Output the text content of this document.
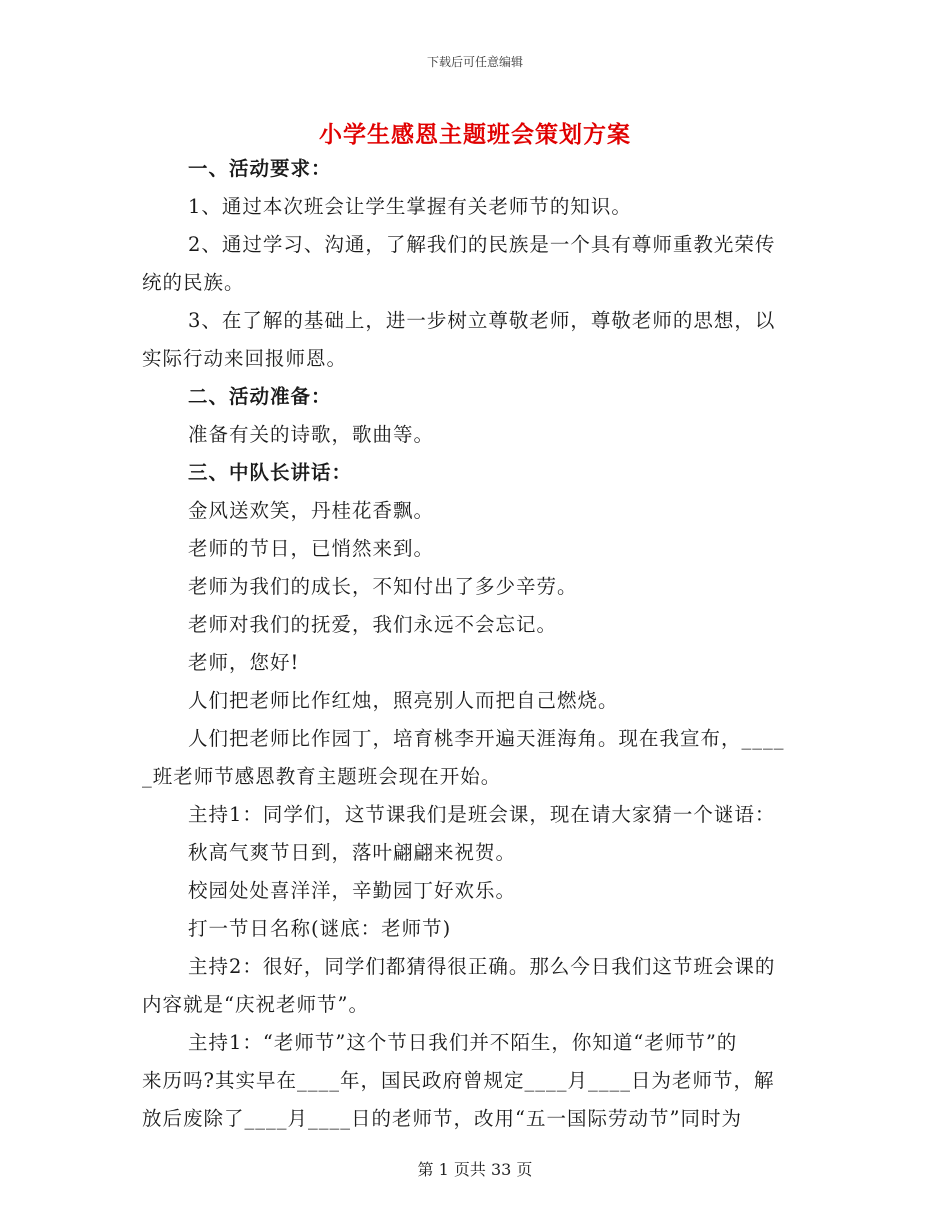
下载后可任意编辑
小学生感恩主题班会策划方案

一、活动要求：

1、通过本次班会让学生掌握有关老师节的知识。

2、通过学习、沟通，了解我们的民族是一个具有尊师重教光荣传

统的民族。

3、在了解的基础上，进一步树立尊敬老师，尊敬老师的思想，以

实际行动来回报师恩。

二、活动准备：

准备有关的诗歌，歌曲等。

三、中队长讲话：

金风送欢笑，丹桂花香飘。

老师的节日，已悄然来到。

老师为我们的成长，不知付出了多少辛劳。

老师对我们的抚爱，我们永远不会忘记。

老师，您好!

人们把老师比作红烛，照亮别人而把自己燃烧。

人们把老师比作园丁，培育桃李开遍天涯海角。现在我宣布，____

_班老师节感恩教育主题班会现在开始。

主持1：同学们，这节课我们是班会课，现在请大家猜一个谜语：

秋高气爽节日到，落叶翩翩来祝贺。

校园处处喜洋洋，辛勤园丁好欢乐。

打一节日名称(谜底：老师节)

主持2：很好，同学们都猜得很正确。那么今日我们这节班会课的

内容就是“庆祝老师节”。

主持1：“老师节”这个节日我们并不陌生，你知道“老师节”的

来历吗?其实早在____年，国民政府曾规定____月____日为老师节，解

放后废除了____月____日的老师节，改用“五一国际劳动节”同时为

第 1 页共 33 页
